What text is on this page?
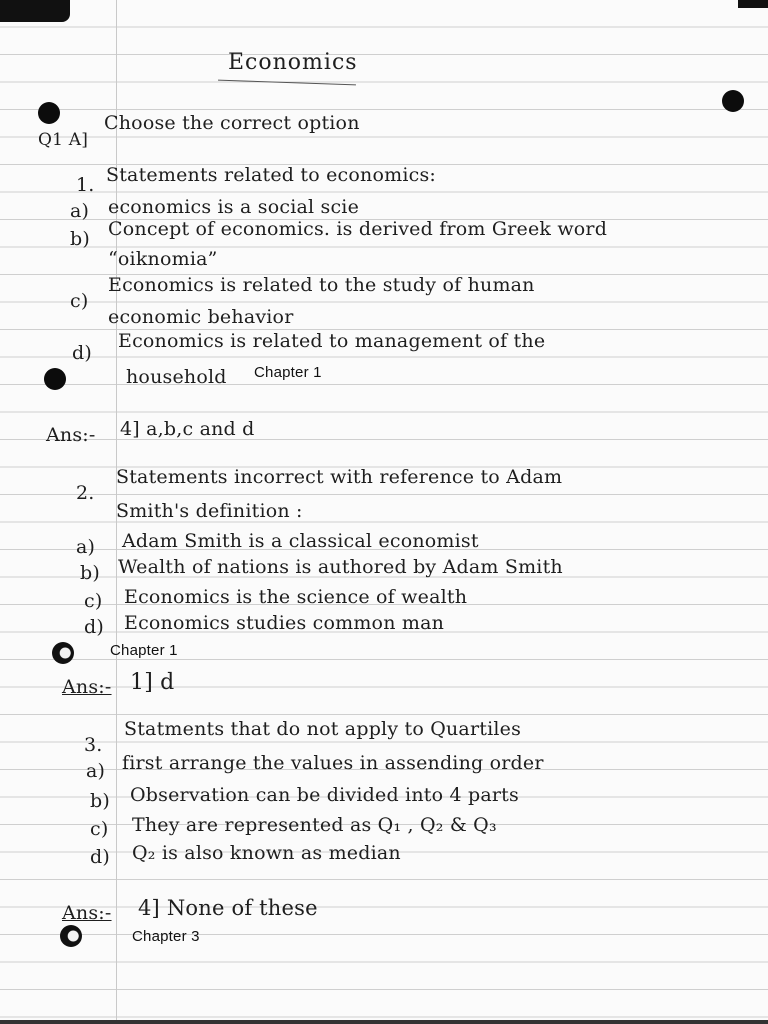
Economics
Q1 A]
Choose the correct option
1. Statements related to economics:
a) economics is a social scie
b) Concept of economics. is derived from Greek word
“oiknomia”
c)
Economics is related to the study of human
economic behavior
d)
Economics is related to management of the
household Chapter 1
Ans:- 4] a,b,c and d
2.
Statements incorrect with reference to Adam
Smith's definition :
a) Adam Smith is a classical economist
b) Wealth of nations is authored by Adam Smith
c) Economics is the science of wealth
d) Economics studies common man
Chapter 1
Ans:- 1] d
3.
Statments that do not apply to Quartiles
a) first arrange the values in assending order
b) Observation can be divided into 4 parts
c) They are represented as Q₁ , Q₂ & Q₃
d) Q₂ is also known as median
Ans:- 4] None of these
Chapter 3
